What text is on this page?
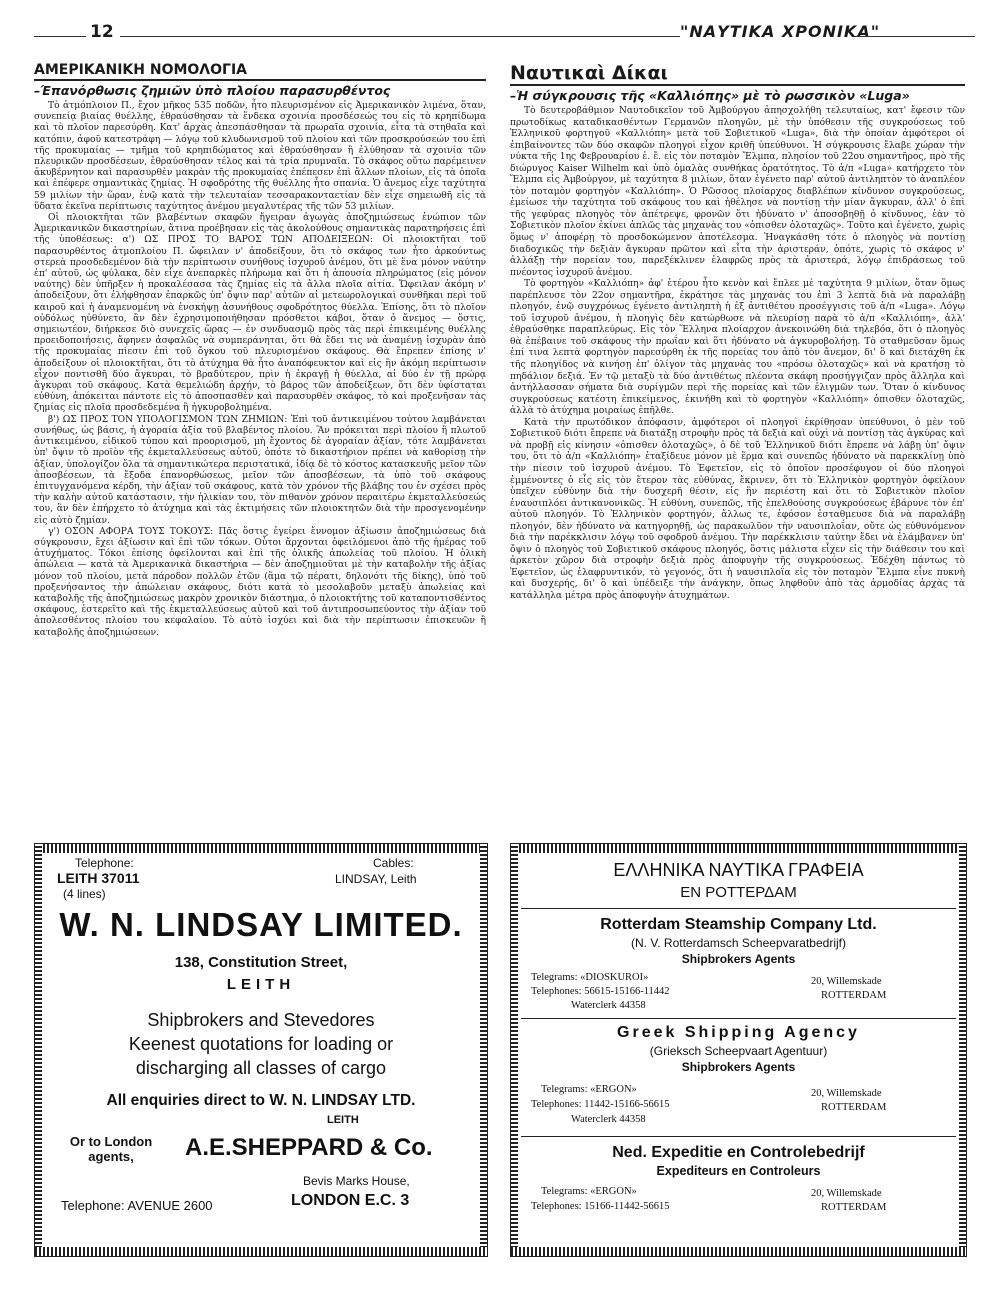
12	"ΝΑΥΤΙΚΑ ΧΡΟΝΙΚΑ"
ΑΜΕΡΙΚΑΝΙΚΗ ΝΟΜΟΛΟΓΙΑ
–Έπανόρθωσις ζημιῶν ὑπὸ πλοίου παρασυρθέντος

Τὸ ἀτμόπλοιον Π., ἔχον μῆκος 535 ποδῶν, ἦτο πλευρισμένον εἰς Ἀμερικανικὸν λιμένα, ὅταν, συνεπείᾳ βιαίας θυέλλης, ἐθραύσθησαν τὰ ἕνδεκα σχοινία προσδέσεώς του εἰς τὸ κρηπίδωμα καὶ τὸ πλοῖον παρεσύρθη. Κατ' ἀρχὰς ἀπεσπάσθησαν τὰ πρωραῖα σχοινία, εἶτα τὰ στηθαῖα καὶ κατόπιν, ἀφοῦ κατεστράφη — λόγῳ τοῦ κλυδωνισμοῦ τοῦ πλοίου καὶ τῶν προσκρούσεών του ἐπὶ τῆς προκυμαίας — τμῆμα τοῦ κρηπιδώματος καὶ ἐθραύσθησαν ἢ ἐλύθησαν τὰ σχοινία τῶν πλευρικῶν προσδέσεων, ἐθραύσθησαν τέλος καὶ τὰ τρία πρυμναῖα. Τὸ σκάφος οὕτω παρέμεινεν ἀκυβέρνητον καὶ παρασυρθὲν μακρὰν τῆς προκυμαίας ἐπέπεσεν ἐπὶ ἄλλων πλοίων, εἰς τὰ ὁποῖα καὶ ἐπέφερε σημαντικὰς ζημίας. Ἡ σφοδρότης τῆς θυέλλης ἦτο σπανία. Ὁ ἄνεμος εἶχε ταχύτητα 59 μιλίων τὴν ὥραν, ἐνῷ κατὰ τὴν τελευταίαν τεσσαρακονταετίαν δὲν εἶχε σημειωθῆ εἰς τὰ ὕδατα ἐκεῖνα περίπτωσις ταχύτητος ἀνέμου μεγαλυτέρας τῆς τῶν 53 μιλίων.

Οἱ πλοιοκτῆται τῶν βλαβέντων σκαφῶν ἤγειραν ἀγωγὰς ἀποζημιώσεως ἐνώπιον τῶν Ἀμερικανικῶν δικαστηρίων, ἅτινα προέβησαν εἰς τὰς ἀκολούθους σημαντικὰς παρατηρήσεις ἐπὶ τῆς ὑποθέσεως: α') ΩΣ ΠΡΟΣ ΤΟ ΒΑΡΟΣ ΤΩΝ ΑΠΟΔΕΙΞΕΩΝ: Οἱ πλοιοκτῆται τοῦ παρασυρθέντος ἀτμοπλοίου Π. ὤφειλαν ν' ἀποδείξουν, ὅτι τὸ σκάφος των ἦτο ἀρκούντως στερεὰ προσδεδεμένον διὰ τὴν περίπτωσιν συνήθους ἰσχυροῦ ἀνέμου, ὅτι μὲ ἕνα μόνον ναύτην ἐπ' αὐτοῦ, ὡς φύλακα, δὲν εἶχε ἀνεπαρκὲς πλήρωμα καὶ ὅτι ἡ ἀπουσία πληρώματος (εἰς μόνον ναύτης) δὲν ὑπῆρξεν ἡ προκαλέσασα τὰς ζημίας εἰς τὰ ἄλλα πλοῖα αἰτία. Ὤφειλαν ἀκόμη ν' ἀποδείξουν, ὅτι ἐλήφθησαν ἐπαρκῶς ὑπ' ὄψιν παρ' αὐτῶν αἱ μετεωρολογικαὶ συνθῆκαι περὶ τοῦ καιροῦ καὶ ἡ ἀναμενομένη νὰ ἐνσκήψῃ ἀσυνήθους σφοδρότητος θύελλα. Ἐπίσης, ὅτι τὸ πλοῖον οὐδόλως ηὐθύνετο, ἂν δὲν ἐχρησιμοποιήθησαν πρόσθετοι κάβοι, ὅταν ὁ ἄνεμος — ὅστις, σημειωτέον, διήρκεσε διὸ συνεχεῖς ὥρας — ἐν συνδυασμῷ πρὸς τὰς περὶ ἐπικειμένης θυέλλης προειδοποιήσεις, ἄφηνεν ἀσφαλῶς νὰ συμπεράνηται, ὅτι θὰ ἔδει τις νὰ ἀναμένῃ ἰσχυρὰν ἀπὸ τῆς προκυμαίας πίεσιν ἐπὶ τοῦ ὄγκου τοῦ πλευρισμένου σκάφους. Θὰ ἔπρεπεν ἐπίσης ν' ἀποδείξουν οἱ πλοιοκτῆται, ὅτι τὸ ἀτύχημα θὰ ἦτο ἀναπόφευκτον καὶ εἰς ἣν ἀκόμη περίπτωσιν εἶχον ποντισθῆ δύο ἄγκυραι, τὸ βραδύτερον, πρὶν ἡ ἐκραγῇ ἡ θύελλα, αἱ δύο ἐν τῇ πρώρᾳ ἄγκυραι τοῦ σκάφους. Κατὰ θεμελιώδη ἀρχήν, τὸ βάρος τῶν ἀποδείξεων, ὅτι δὲν ὑφίσταται εὐθύνη, ἀπόκειται πάντοτε εἰς τὸ ἀποσπασθὲν καὶ παρασυρθὲν σκάφος, τὸ καὶ προξενῆσαν τὰς ζημίας εἰς πλοῖα προσδεδεμένα ἢ ἠγκυροβολημένα.

β') ΩΣ ΠΡΟΣ ΤΟΝ ΥΠΟΛΟΓΙΣΜΟΝ ΤΩΝ ΖΗΜΙΩΝ: Ἐπὶ τοῦ ἀντικειμένου τούτου λαμβάνεται συνήθως, ὡς βάσις, ἡ ἀγοραία ἀξία τοῦ βλαβέντος πλοίου. Ἂν πρόκειται περὶ πλοίου ἢ πλωτοῦ ἀντικειμένου, εἰδικοῦ τύπου καὶ προορισμοῦ, μὴ ἔχοντος δὲ ἀγοραίαν ἀξίαν, τότε λαμβάνεται ὑπ' ὄψιν τὸ προϊὸν τῆς ἐκμεταλλεύσεως αὐτοῦ, ὁπότε τὸ δικαστήριον πρέπει νὰ καθορίσῃ τὴν ἀξίαν, ὑπολογίζον ὅλα τὰ σημαντικώτερα περιστατικά, ἰδίᾳ δὲ τὸ κόστος κατασκευῆς μεῖον τῶν ἀποσβέσεων, τὰ ἔξοδα ἐπανορθώσεως, μεῖον τῶν ἀποσβέσεων, τὰ ὑπὸ τοῦ σκάφους ἐπιτυγχανόμενα κέρδη, τὴν ἀξίαν τοῦ σκάφους, κατὰ τὸν χρόνον τῆς βλάβης του ἐν σχέσει πρὸς τὴν καλὴν αὐτοῦ κατάστασιν, τὴν ἡλικίαν του, τὸν πιθανὸν χρόνον περαιτέρω ἐκμεταλλεύσεώς του, ἂν δὲν ἐπήρχετο τὸ ἀτύχημα καὶ τὰς ἐκτιμήσεις τῶν πλοιοκτητῶν διὰ τὴν προσγενομένην εἰς αὐτὸ ζημίαν.

γ') ΟΣΟΝ ΑΦΟΡΑ ΤΟΥΣ ΤΟΚΟΥΣ: Πᾶς ὅστις ἐγείρει ἔννομον ἀξίωσιν ἀποζημιώσεως διὰ σύγκρουσιν, ἔχει ἀξίωσιν καὶ ἐπὶ τῶν τόκων. Οὗτοι ἄρχονται ὀφειλόμενοι ἀπὸ τῆς ἡμέρας τοῦ ἀτυχήματος. Τόκοι ἐπίσης ὀφείλονται καὶ ἐπὶ τῆς ὁλικῆς ἀπωλείας τοῦ πλοίου. Ἡ ὁλικὴ ἀπώλεια — κατὰ τὰ Ἀμερικανικὰ δικαστήρια — δὲν ἀποζημιοῦται μὲ τὴν καταβολὴν τῆς ἀξίας μόνον τοῦ πλοίου, μετὰ πάροδον πολλῶν ἐτῶν (ἅμα τῷ πέρατι, δηλονότι τῆς δίκης), ὑπὸ τοῦ προξενήσαντος τὴν ἀπώλειαν σκάφους, διότι κατὰ τὸ μεσολαβοῦν μεταξὺ ἀπωλείας καὶ καταβολῆς τῆς ἀποζημιώσεως μακρὸν χρονικὸν διάστημα, ὁ πλοιοκτήτης τοῦ καταποντισθέντος σκάφους, ἐστερεῖτο καὶ τῆς ἐκμεταλλεύσεως αὐτοῦ καὶ τοῦ ἀντιπροσωπεύοντος τὴν ἀξίαν τοῦ ἀπολεσθέντος πλοίου του κεφαλαίου. Τὸ αὐτὸ ἰσχύει καὶ διὰ τὴν περίπτωσιν ἐπισκευῶν ἢ καταβολῆς ἀποζημιώσεων.

Ναυτικαὶ Δίκαι
–Ἡ σύγκρουσις τῆς «Καλλιόπης» μὲ τὸ ρωσσικὸν «Luga»

Τὸ δευτεροβάθμιον Ναυτοδικεῖον τοῦ Ἀμβούργου ἀπησχολήθη τελευταίως, κατ' ἔφεσιν τῶν πρωτοδίκως καταδικασθέντων Γερμανῶν πλοηγῶν, μὲ τὴν ὑπόθεσιν τῆς συγκρούσεως τοῦ Ἑλληνικοῦ φορτηγοῦ «Καλλιόπη» μετὰ τοῦ Σοβιετικοῦ «Luga», διὰ τὴν ὁποίαν ἀμφότεροι οἱ ἐπιβαίνοντες τῶν δύο σκαφῶν πλοηγοὶ εἶχον κριθῆ ὑπεύθυνοι. Ἡ σύγκρουσις ἔλαβε χώραν τὴν νύκτα τῆς 1ης Φεβρουαρίου ἐ. ἔ. εἰς τὸν ποταμὸν Ἔλμπα, πλησίον τοῦ 22ου σημαντῆρος, πρὸ τῆς διώρυγος Kaiser Wilhelm καὶ ὑπὸ ὁμαλὰς συνθήκας ὁρατότητος. Τὸ ἀ/π «Luga» κατήρχετο τὸν Ἔλμπα εἰς Ἀμβούργον, μὲ ταχύτητα 8 μιλίων, ὅταν ἐγένετο παρ' αὐτοῦ ἀντιληπτὸν τὸ ἀναπλέον τὸν ποταμὸν φορτηγὸν «Καλλιόπη». Ὁ Ρῶσσος πλοίαρχος διαβλέπων κίνδυνον συγκρούσεως, ἐμείωσε τὴν ταχύτητα τοῦ σκάφους του καὶ ἠθέλησε νὰ ποντίσῃ τὴν μίαν ἄγκυραν, ἀλλ' ὁ ἐπὶ τῆς γεφύρας πλοηγὸς τὸν ἀπέτρεψε, φρονῶν ὅτι ἠδύνατο ν' ἀποσοβηθῇ ὁ κίνδυνος, ἐὰν τὸ Σοβιετικὸν πλοῖον ἐκίνει ἁπλῶς τὰς μηχανὰς του «ὀπισθεν ὁλοταχῶς». Τοῦτο καὶ ἐγένετο, χωρὶς ὅμως ν' ἀποφέρῃ τὸ προσδοκώμενον ἀποτέλεσμα. Ἠναγκάσθη τότε ὁ πλοηγὸς νὰ ποντίσῃ διαδοχικῶς τὴν δεξιὰν ἄγκυραν πρῶτον καὶ εἶτα τὴν ἀριστεράν, ὁπότε, χωρὶς τὸ σκάφος ν' ἀλλάξῃ τὴν πορείαν του, παρεξέκλινεν ἐλαφρῶς πρὸς τὰ ἀριστερά, λόγῳ ἐπιδράσεως τοῦ πνέοντος ἰσχυροῦ ἀνέμου.

Τὸ φορτηγὸν «Καλλιόπη» ἀφ' ἑτέρου ἦτο κενὸν καὶ ἔπλεε μὲ ταχύτητα 9 μιλίων, ὅταν ὅμως παρέπλευσε τὸν 22ον σημαντῆρα, ἐκράτησε τὰς μηχανὰς του ἐπὶ 3 λεπτὰ διὰ νὰ παραλάβῃ πλοηγόν, ἐνῷ συγχρόνως ἐγένετο ἀντιληπτὴ ἡ ἐξ ἀντιθέτου προσέγγισις τοῦ ἀ/π «Luga». Λόγῳ τοῦ ἰσχυροῦ ἀνέμου, ἡ πλοηγὶς δὲν κατώρθωσε νὰ πλευρίσῃ παρὰ τὸ ἀ/π «Καλλιόπη», ἀλλ' ἐθραύσθηκε παραπλεύρως. Εἰς τὸν Ἕλληνα πλοίαρχον ἀνεκοινώθη διὰ τηλεβόα, ὅτι ὁ πλοηγὸς θὰ ἐπέβαινε τοῦ σκάφους τὴν πρωΐαν καὶ ὅτι ἠδύνατο νὰ ἀγκυροβολήσῃ. Τὸ σταθμεῦσαν ὅμως ἐπί τινα λεπτὰ φορτηγὸν παρεσύρθη ἐκ τῆς πορείας του ἀπὸ τὸν ἄνεμον, δι' ὃ καὶ διετάχθη ἐκ τῆς πλοηγίδος νὰ κινήσῃ ἐπ' ὀλίγον τὰς μηχανὰς του «πρόσω ὁλοταχῶς» καὶ νὰ κρατήσῃ τὸ πηδάλιον δεξιά. Ἐν τῷ μεταξὺ τὰ δύο ἀντιθέτως πλέοντα σκάφη προσήγγιζαν πρὸς ἄλληλα καὶ ἀντήλλασσαν σήματα διὰ συρίγμῶν περὶ τῆς πορείας καὶ τῶν ἑλιγμῶν των. Ὅταν ὁ κίνδυνος συγκρούσεως κατέστη ἐπικείμενος, ἐκινήθη καὶ τὸ φορτηγὸν «Καλλιόπη» ὀπισθεν ὁλοταχῶς, ἀλλὰ τὸ ἀτύχημα μοιραίως ἐπῆλθε.

Κατὰ τὴν πρωτόδικον ἀπόφασιν, ἀμφότεροι οἱ πλοηγοὶ ἐκρίθησαν ὑπεύθυνοι, ὁ μὲν τοῦ Σοβιετικοῦ διότι ἔπρεπε νὰ διατάξῃ στροφὴν πρὸς τὰ δεξιὰ καὶ οὐχὶ νὰ ποντίσῃ τὰς ἀγκύρας καὶ νὰ προβῇ εἰς κίνησιν «ὀπισθεν ὁλοταχῶς», ὁ δὲ τοῦ Ἑλληνικοῦ διότι ἔπρεπε νὰ λάβῃ ὑπ' ὄψιν του, ὅτι τὸ ἀ/π «Καλλιόπη» ἐταξίδευε μόνον μὲ ἕρμα καὶ συνεπῶς ἠδύνατο νὰ παρεκκλίνῃ ὑπὸ τὴν πίεσιν τοῦ ἰσχυροῦ ἀνέμου. Τὸ Ἐφετεῖον, εἰς τὸ ὁποῖον προσέφυγον οἱ δύο πλοηγοὶ ἐμμένοντες ὁ εἷς εἰς τὸν ἕτερον τὰς εὐθύνας, ἔκρινεν, ὅτι τὸ Ἑλληνικὸν φορτηγὸν ὀφείλουν ὑπεῖχεν εὐθύνην διὰ τὴν δυσχερῆ θέσιν, εἰς ἣν περιέστη καὶ ὅτι τὸ Σοβιετικὸν πλοῖον ἐναυσιπλόει ἀντικανονικῶς. Ἡ εὐθύνη, συνεπῶς, τῆς ἐπελθούσης συγκρούσεως ἐβάρυνε τὸν ἐπ' αὐτοῦ πλοηγόν. Τὸ Ἑλληνικὸν φορτηγόν, ἄλλως τε, ἐφόσον ἐσταθμευσε διὰ νὰ παραλάβῃ πλοηγόν, δὲν ἠδύνατο νὰ κατηγορηθῇ, ὡς παρακωλῦον τὴν ναυσιπλοΐαν, οὔτε ὡς εὐθυνόμενον διὰ τὴν παρέκκλισιν λόγῳ τοῦ σφοδροῦ ἀνέμου. Τὴν παρέκκλισιν ταύτην ἔδει νὰ ἐλάμβανεν ὑπ' ὄψιν ὁ πλοηγὸς τοῦ Σοβιετικοῦ σκάφους πλοηγός, ὅστις μάλιστα εἶχεν εἰς τὴν διάθεσιν του καὶ ἀρκετὸν χῶρον διὰ στροφὴν δεξιὰ πρὸς ἀποφυγὴν τῆς συγκρούσεως. Ἐδέχθη πάντως τὸ Ἐφετεῖον, ὡς ἐλαφρυντικόν, τὸ γεγονός, ὅτι ἡ ναυσιπλοΐα εἰς τὸν ποταμὸν Ἔλμπα εἶνε πυκνὴ καὶ δυσχερής, δι' ὃ καὶ ὑπέδειξε τὴν ἀνάγκην, ὅπως ληφθοῦν ἀπὸ τὰς ἁρμοδίας ἀρχὰς τὰ κατάλληλα μέτρα πρὸς ἀποφυγὴν ἀτυχημάτων.

Telephone:
LEITH 37011
(4 lines)
Cables:
LINDSAY, Leith
W. N. LINDSAY LIMITED.
138, Constitution Street,
LEITH
Shipbrokers and Stevedores
Keenest quotations for loading or
discharging all classes of cargo
All enquiries direct to W. N. LINDSAY LTD.
LEITH
Or to London agents,	A.E.SHEPPARD & Co.
Bevis Marks House,
LONDON E.C. 3
Telephone: AVENUE 2600
ΕΛΛΗΝΙΚΑ ΝΑΥΤΙΚΑ ΓΡΑΦΕΙΑ
ΕΝ ΡΟΤΤΕΡΔΑΜ
Rotterdam Steamship Company Ltd.
(N. V. Rotterdamsch Scheepvaratbedrijf)
Shipbrokers Agents
Telegrams: «DIOSKUROI»
Telephones: 56615-15166-11442
Waterclerk 44358
20, Willemskade
ROTTERDAM
Greek Shipping Agency
(Grieksch Scheepvaart Agentuur)
Shipbrokers Agents
Telegrams: «ERGON»
Telephones: 11442-15166-56615
Waterclerk 44358
20, Willemskade
ROTTERDAM
Ned. Expeditie en Controlebedrijf
Expediteurs en Controleurs
Telegrams: «ERGON»
Telephones: 15166-11442-56615
20, Willemskade
ROTTERDAM
